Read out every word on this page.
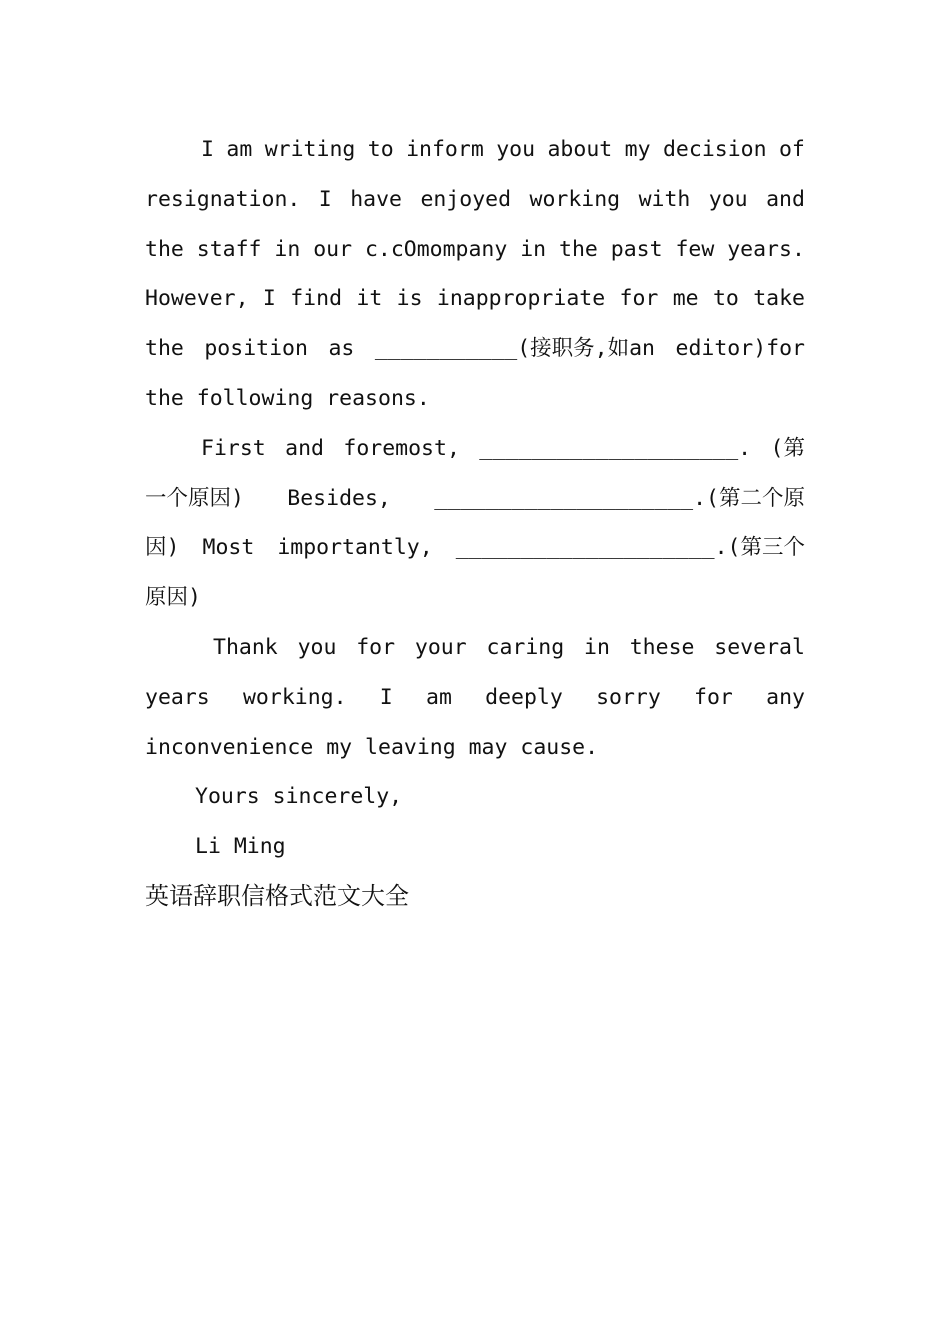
I am writing to inform you about my decision of
resignation. I have enjoyed working with you and
the staff in our c.cOmompany in the past few years.
However, I find it is inappropriate for me to take
the position as ___________(接职务,如an editor)for
the following reasons.
First and foremost, ____________________. (第
一个原因) Besides, ____________________.(第二个原
因) Most importantly, ____________________.(第三个
原因)
Thank you for your caring in these several
years working. I am deeply sorry for any
inconvenience my leaving may cause.
Yours sincerely,
Li Ming
英语辞职信格式范文大全
